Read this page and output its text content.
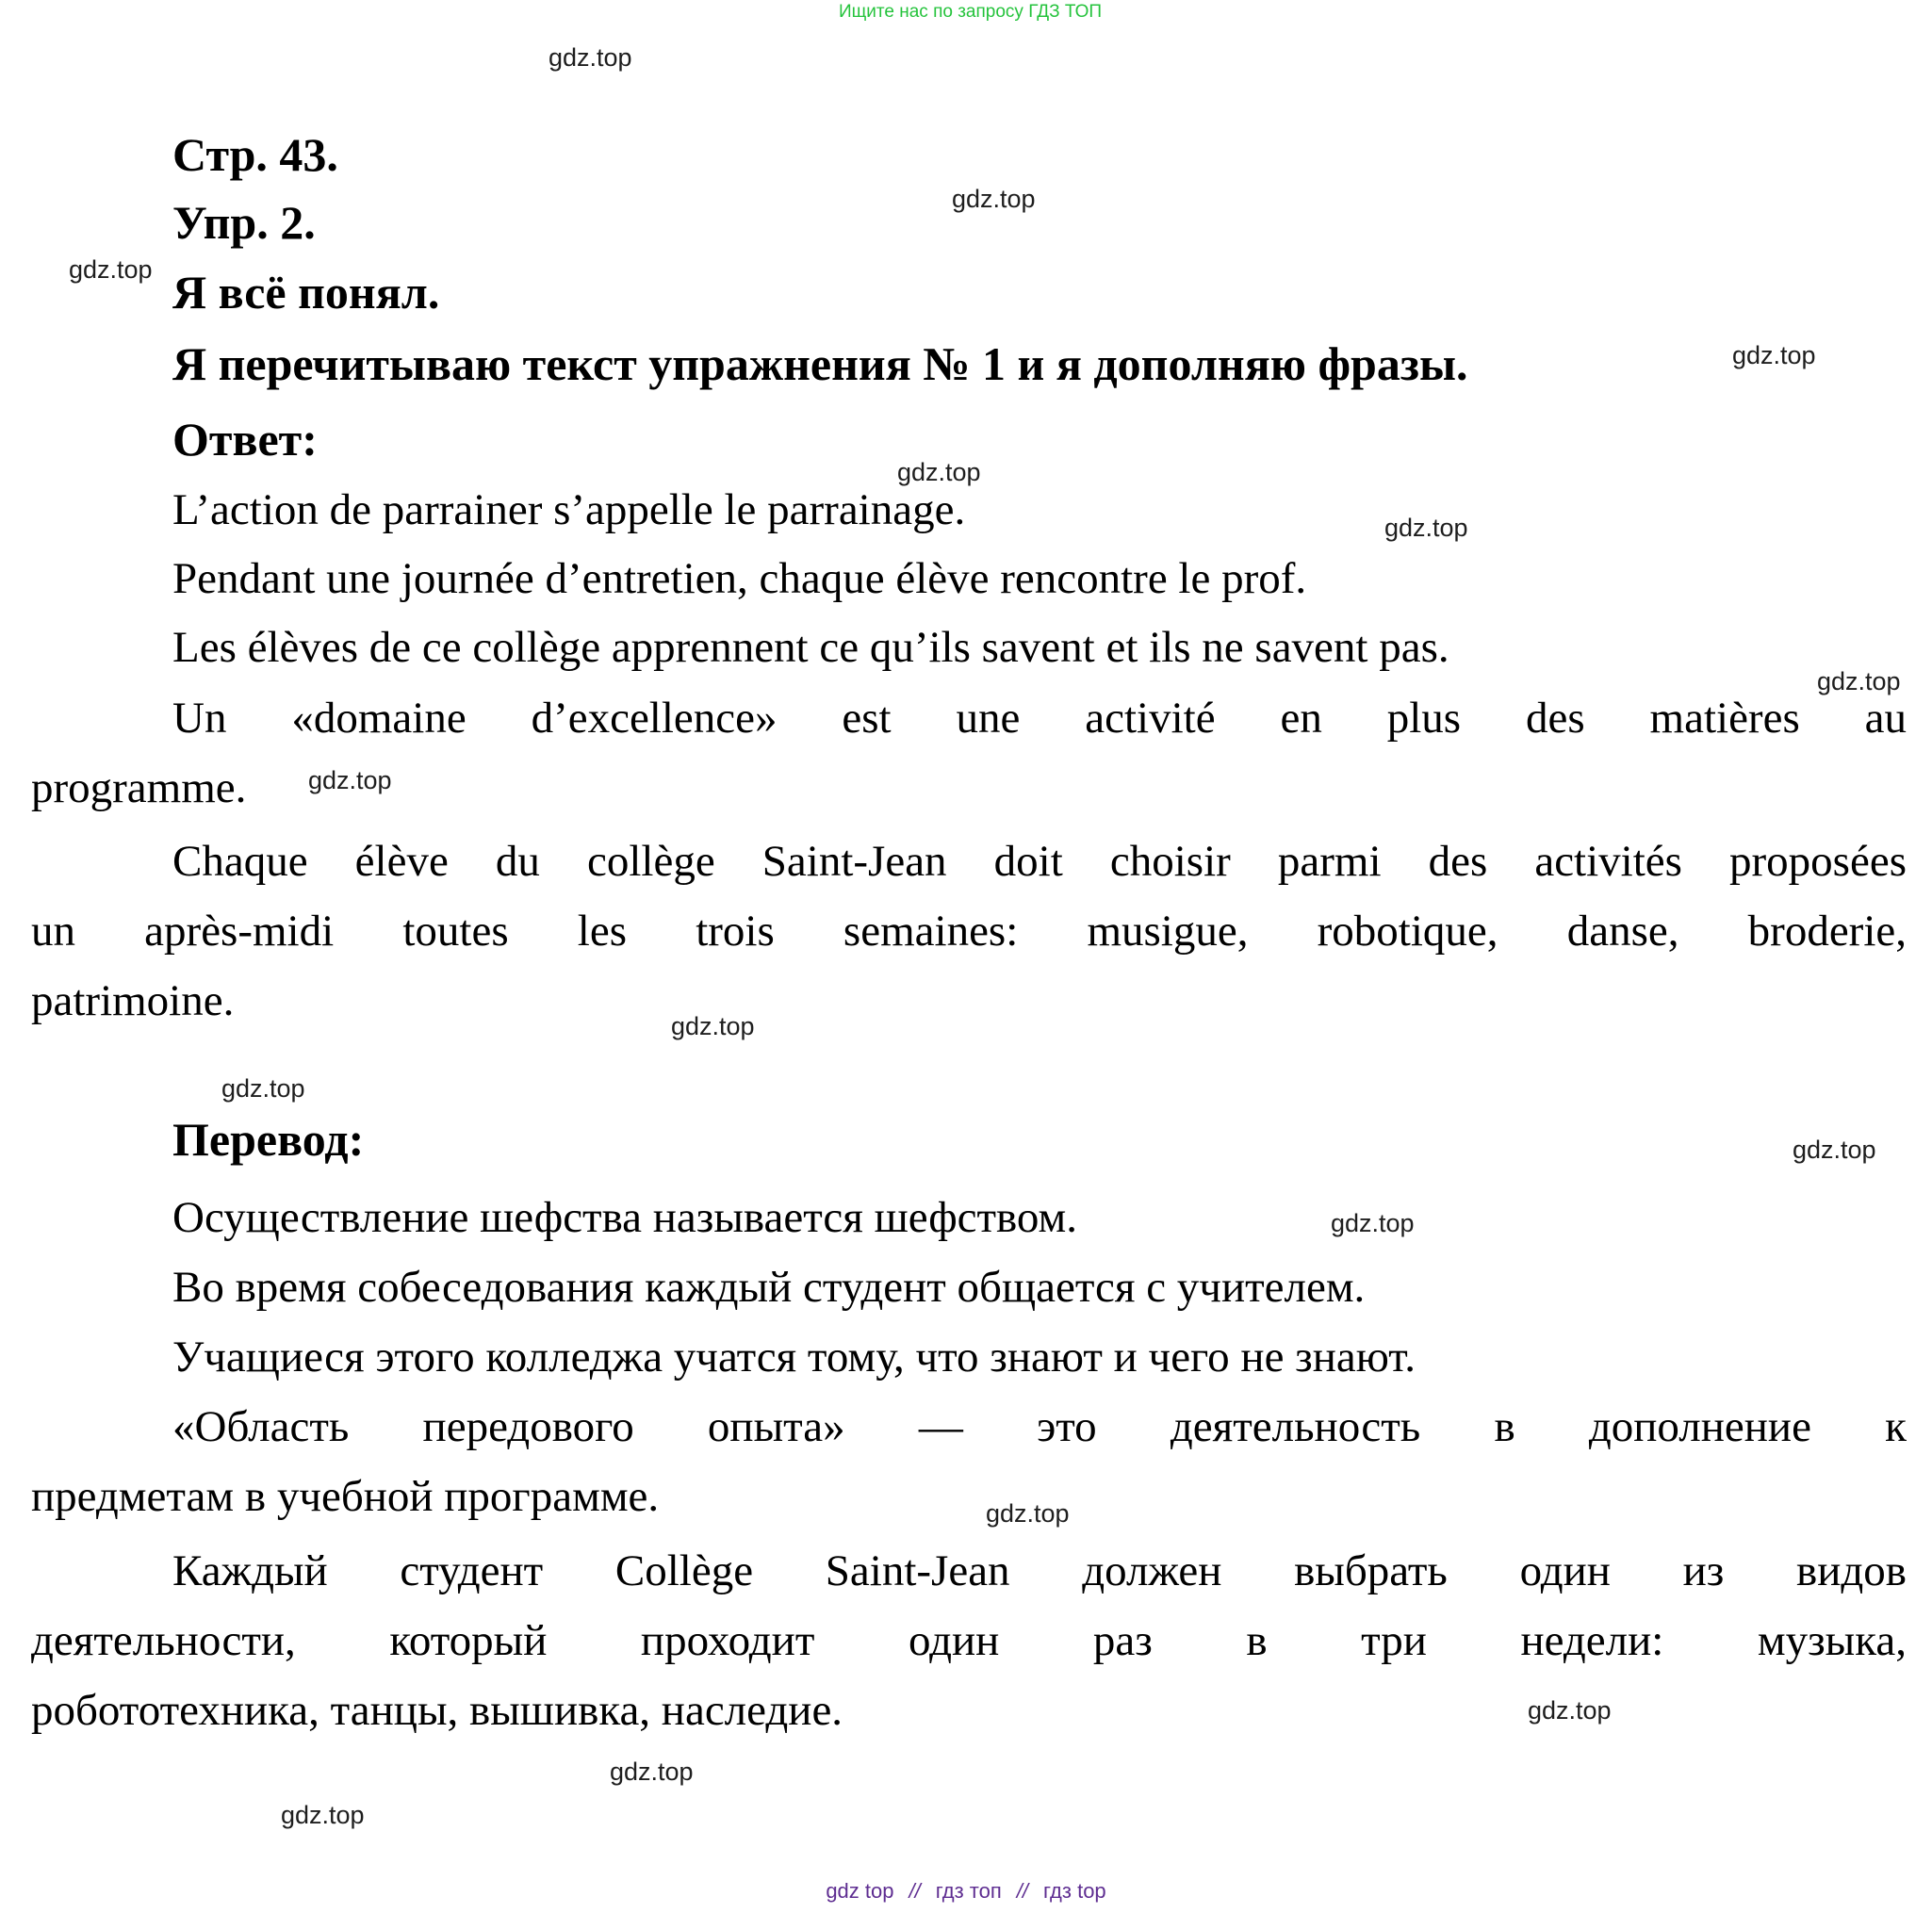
Ищите нас по запросу ГДЗ ТОП
gdz.top
gdz.top
gdz.top
gdz.top
gdz.top
gdz.top
gdz.top
gdz.top
gdz.top
gdz.top
gdz.top
gdz.top
gdz.top
gdz.top
gdz.top
gdz.top
Стр. 43.
Упр. 2.
Я всё понял.
Я перечитываю текст упражнения № 1 и я дополняю фразы.
Ответ:
L’action de parrainer s’appelle le parrainage.
Pendant une journée d’entretien, chaque élève rencontre le prof.
Les élèves de ce collège apprennent ce qu’ils savent et ils ne savent pas.
Un «domaine d’excellence» est une activité en plus des matières au
programme.
Chaque élève du collège Saint-Jean doit choisir parmi des activités proposées
un après-midi toutes les trois semaines: musigue, robotique, danse, broderie,
patrimoine.
Перевод:
Осуществление шефства называется шефством.
Во время собеседования каждый студент общается с учителем.
Учащиеся этого колледжа учатся тому, что знают и чего не знают.
«Область передового опыта» — это деятельность в дополнение к
предметам в учебной программе.
Каждый студент Collège Saint-Jean должен выбрать один из видов
деятельности, который проходит один раз в три недели: музыка,
робототехника, танцы, вышивка, наследие.
gdz top // гдз топ // гдз top
